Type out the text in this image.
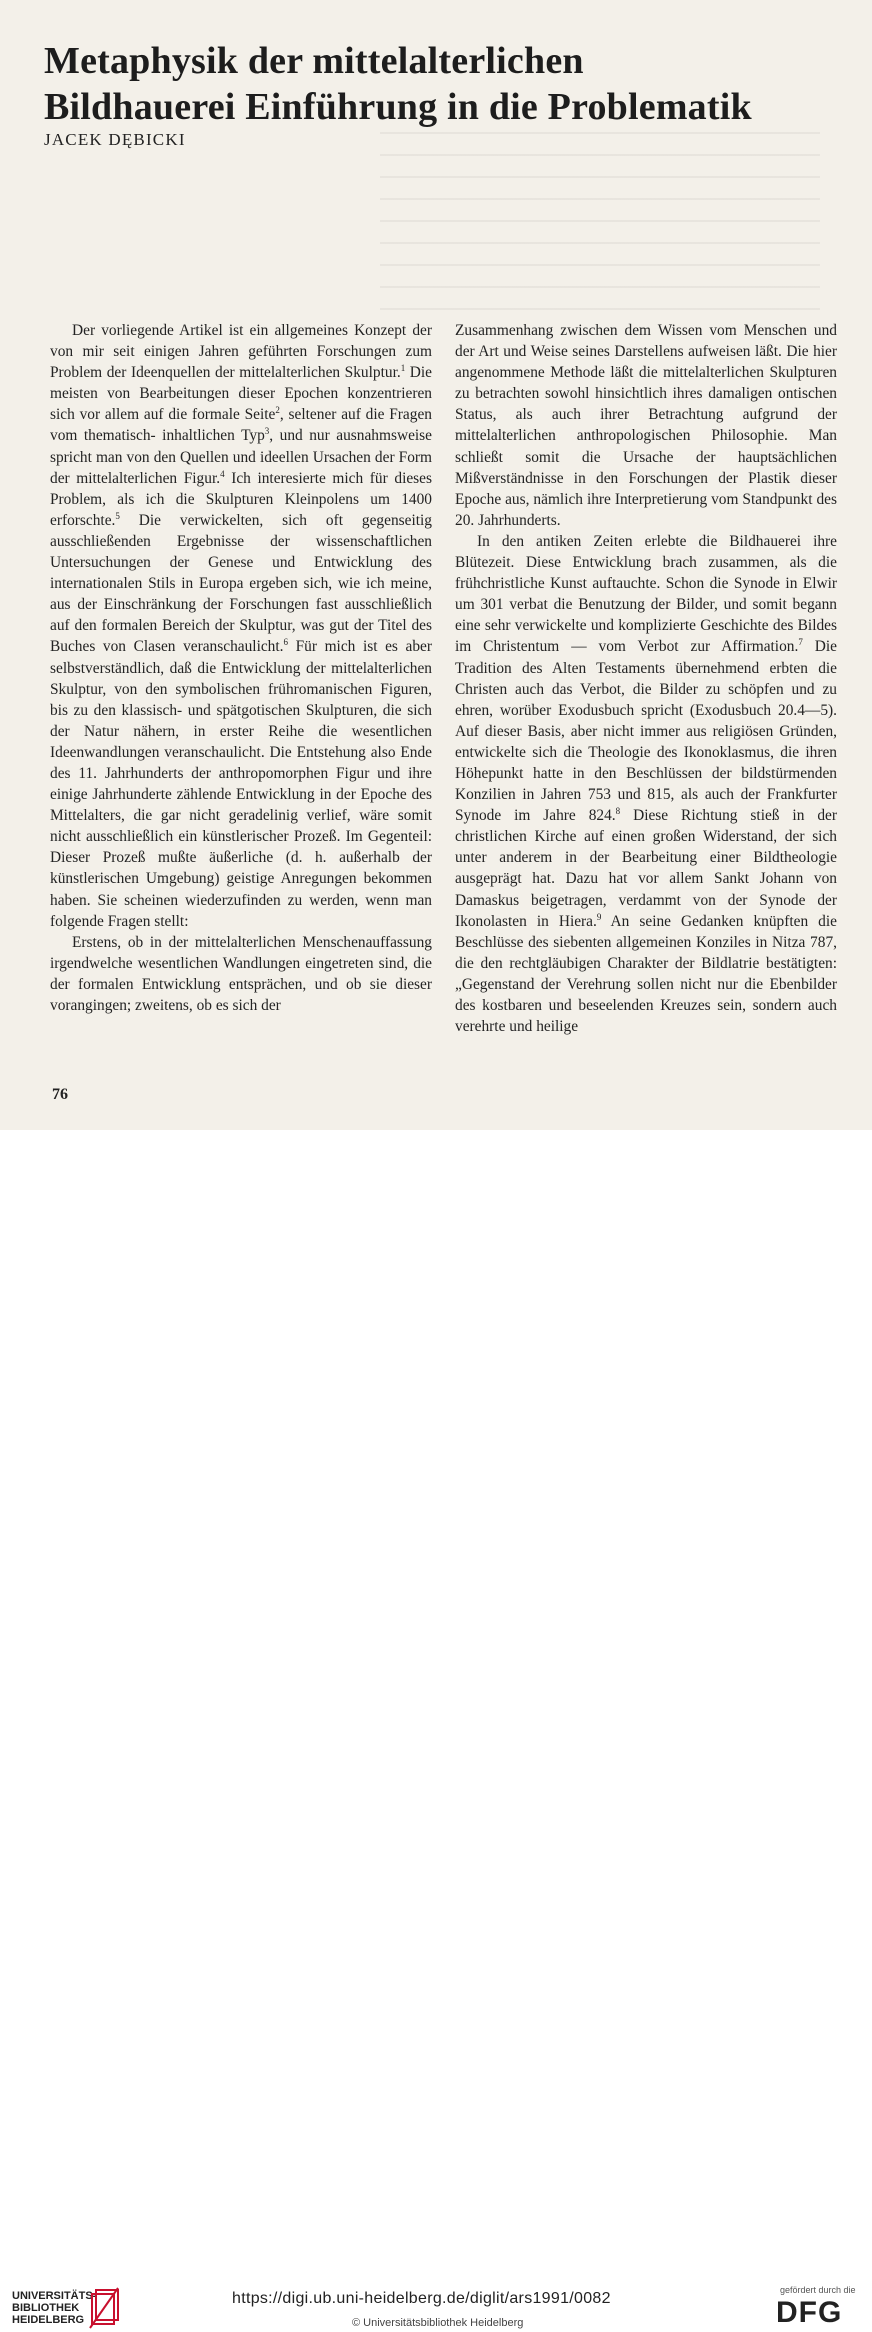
Metaphysik der mittelalterlichen
Bildhauerei Einführung in die Problematik
JACEK DĘBICKI

Der vorliegende Artikel ist ein allgemeines Konzept der von mir seit einigen Jahren geführten Forschungen zum Problem der Ideenquellen der mittelalterlichen Skulptur.$^1$ Die meisten von Bearbeitungen dieser Epochen konzentrieren sich vor allem auf die formale Seite$^2$, seltener auf die Fragen vom thematisch- inhaltlichen Typ$^3$, und nur ausnahmsweise spricht man von den Quellen und ideellen Ursachen der Form der mittelalterlichen Figur.$^4$ Ich interesierte mich für dieses Problem, als ich die Skulpturen Kleinpolens um 1400 erforschte.$^5$ Die verwickelten, sich oft gegenseitig ausschließenden Ergebnisse der wissenschaftlichen Untersuchungen der Genese und Entwicklung des internationalen Stils in Europa ergeben sich, wie ich meine, aus der Einschränkung der Forschungen fast ausschließlich auf den formalen Bereich der Skulptur, was gut der Titel des Buches von Clasen veranschaulicht.$^6$ Für mich ist es aber selbstverständlich, daß die Entwicklung der mittelalterlichen Skulptur, von den symbolischen frühromanischen Figuren, bis zu den klassisch- und spätgotischen Skulpturen, die sich der Natur nähern, in erster Reihe die wesentlichen Ideenwandlungen veranschaulicht. Die Entstehung also Ende des 11. Jahrhunderts der anthropomorphen Figur und ihre einige Jahrhunderte zählende Entwicklung in der Epoche des Mittelalters, die gar nicht geradelinig verlief, wäre somit nicht ausschließlich ein künstlerischer Prozeß. Im Gegenteil: Dieser Prozeß mußte äußerliche (d. h. außerhalb der künstlerischen Umgebung) geistige Anregungen bekommen haben. Sie scheinen wiederzufinden zu werden, wenn man folgende Fragen stellt:

Erstens, ob in der mittelalterlichen Menschenauffassung irgendwelche wesentlichen Wandlungen eingetreten sind, die der formalen Entwicklung entsprächen, und ob sie dieser vorangingen; zweitens, ob es sich der

Zusammenhang zwischen dem Wissen vom Menschen und der Art und Weise seines Darstellens aufweisen läßt. Die hier angenommene Methode läßt die mittelalterlichen Skulpturen zu betrachten sowohl hinsichtlich ihres damaligen ontischen Status, als auch ihrer Betrachtung aufgrund der mittelalterlichen anthropologischen Philosophie. Man schließt somit die Ursache der hauptsächlichen Mißverständnisse in den Forschungen der Plastik dieser Epoche aus, nämlich ihre Interpretierung vom Standpunkt des 20. Jahrhunderts.

In den antiken Zeiten erlebte die Bildhauerei ihre Blütezeit. Diese Entwicklung brach zusammen, als die frühchristliche Kunst auftauchte. Schon die Synode in Elwir um 301 verbat die Benutzung der Bilder, und somit begann eine sehr verwickelte und komplizierte Geschichte des Bildes im Christentum — vom Verbot zur Affirmation.$^7$ Die Tradition des Alten Testaments übernehmend erbten die Christen auch das Verbot, die Bilder zu schöpfen und zu ehren, worüber Exodusbuch spricht (Exodusbuch 20.4—5). Auf dieser Basis, aber nicht immer aus religiösen Gründen, entwickelte sich die Theologie des Ikonoklasmus, die ihren Höhepunkt hatte in den Beschlüssen der bildstürmenden Konzilien in Jahren 753 und 815, als auch der Frankfurter Synode im Jahre 824.$^8$ Diese Richtung stieß in der christlichen Kirche auf einen großen Widerstand, der sich unter anderem in der Bearbeitung einer Bildtheologie ausgeprägt hat. Dazu hat vor allem Sankt Johann von Damaskus beigetragen, verdammt von der Synode der Ikonolasten in Hiera.$^9$ An seine Gedanken knüpften die Beschlüsse des siebenten allgemeinen Konziles in Nitza 787, die den rechtgläubigen Charakter der Bildlatrie bestätigten: „Gegenstand der Verehrung sollen nicht nur die Ebenbilder des kostbaren und beseelenden Kreuzes sein, sondern auch verehrte und heilige

76
UNIVERSITÄTS-
BIBLIOTHEK
HEIDELBERG
https://digi.ub.uni-heidelberg.de/diglit/ars1991/0082
© Universitätsbibliothek Heidelberg
gefördert durch die
DFG
